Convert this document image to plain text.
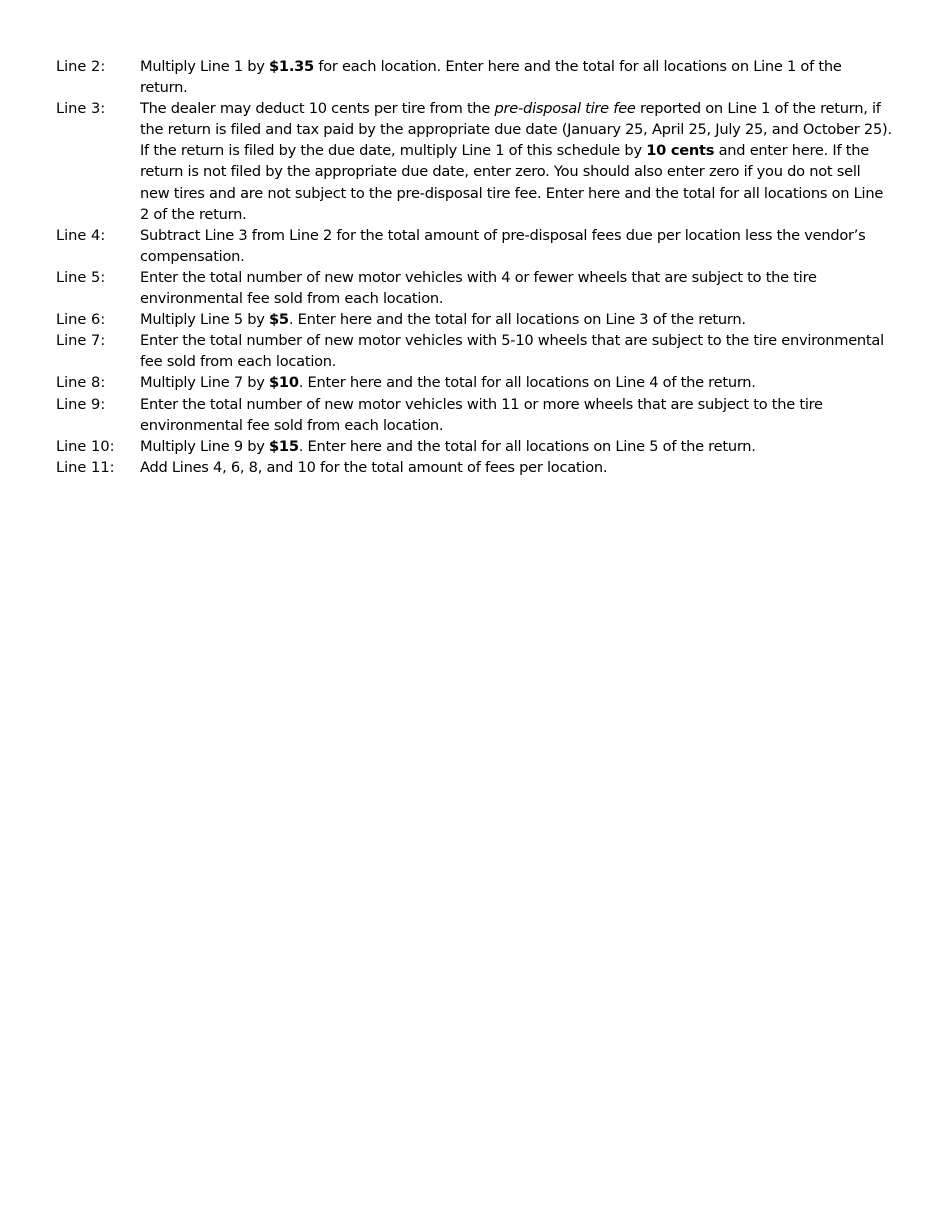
Line 2:	Multiply Line 1 by $1.35 for each location. Enter here and the total for all locations on Line 1 of the return.
Line 3:	The dealer may deduct 10 cents per tire from the pre-disposal tire fee reported on Line 1 of the return, if the return is filed and tax paid by the appropriate due date (January 25, April 25, July 25, and October 25). If the return is filed by the due date, multiply Line 1 of this schedule by 10 cents and enter here. If the return is not filed by the appropriate due date, enter zero. You should also enter zero if you do not sell new tires and are not subject to the pre-disposal tire fee. Enter here and the total for all locations on Line 2 of the return.
Line 4:	Subtract Line 3 from Line 2 for the total amount of pre-disposal fees due per location less the vendor’s compensation.
Line 5:	Enter the total number of new motor vehicles with 4 or fewer wheels that are subject to the tire environmental fee sold from each location.
Line 6:	Multiply Line 5 by $5. Enter here and the total for all locations on Line 3 of the return.
Line 7:	Enter the total number of new motor vehicles with 5-10 wheels that are subject to the tire environmental fee sold from each location.
Line 8:	Multiply Line 7 by $10. Enter here and the total for all locations on Line 4 of the return.
Line 9:	Enter the total number of new motor vehicles with 11 or more wheels that are subject to the tire environmental fee sold from each location.
Line 10:	Multiply Line 9 by $15. Enter here and the total for all locations on Line 5 of the return.
Line 11:	Add Lines 4, 6, 8, and 10 for the total amount of fees per location.
